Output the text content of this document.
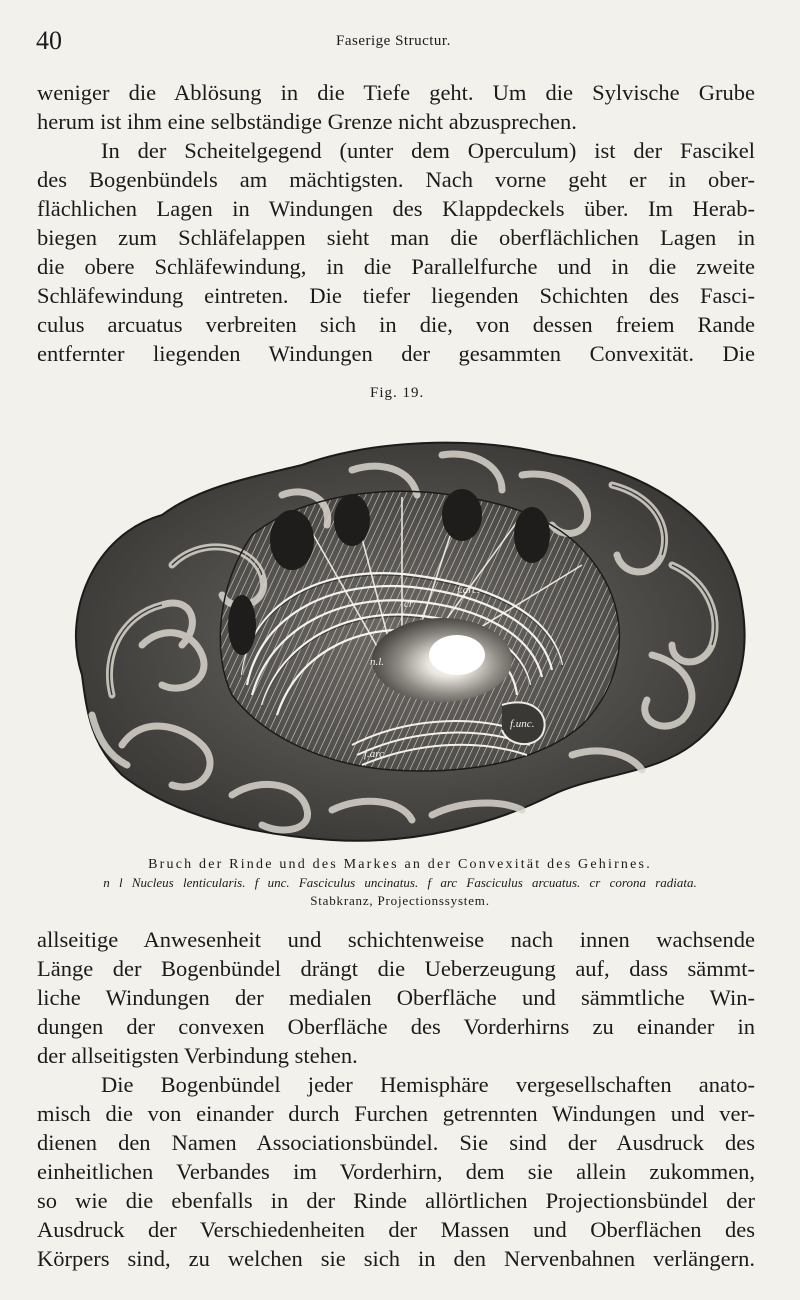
40	Faserige Structur.
weniger die Ablösung in die Tiefe geht. Um die Sylvische Grube
herum ist ihm eine selbständige Grenze nicht abzusprechen.
In der Scheitelgegend (unter dem Operculum) ist der Fascikel
des Bogenbündels am mächtigsten. Nach vorne geht er in ober-
flächlichen Lagen in Windungen des Klappdeckels über. Im Herab-
biegen zum Schläfelappen sieht man die oberflächlichen Lagen in
die obere Schläfewindung, in die Parallelfurche und in die zweite
Schläfewindung eintreten. Die tiefer liegenden Schichten des Fasci-
culus arcuatus verbreiten sich in die, von dessen freiem Rande
entfernter liegenden Windungen der gesammten Convexität. Die
Fig. 19.
cr
f.arc.
n.l.
f.unc.
f.arc.
Bruch der Rinde und des Markes an der Convexität des Gehirnes.
n l Nucleus lenticularis. f unc. Fasciculus uncinatus. f arc Fasciculus arcuatus. cr corona radiata.
Stabkranz, Projectionssystem.
allseitige Anwesenheit und schichtenweise nach innen wachsende
Länge der Bogenbündel drängt die Ueberzeugung auf, dass sämmt-
liche Windungen der medialen Oberfläche und sämmtliche Win-
dungen der convexen Oberfläche des Vorderhirns zu einander in
der allseitigsten Verbindung stehen.
Die Bogenbündel jeder Hemisphäre vergesellschaften anato-
misch die von einander durch Furchen getrennten Windungen und ver-
dienen den Namen Associationsbündel. Sie sind der Ausdruck des
einheitlichen Verbandes im Vorderhirn, dem sie allein zukommen,
so wie die ebenfalls in der Rinde allörtlichen Projectionsbündel der
Ausdruck der Verschiedenheiten der Massen und Oberflächen des
Körpers sind, zu welchen sie sich in den Nervenbahnen verlängern.
